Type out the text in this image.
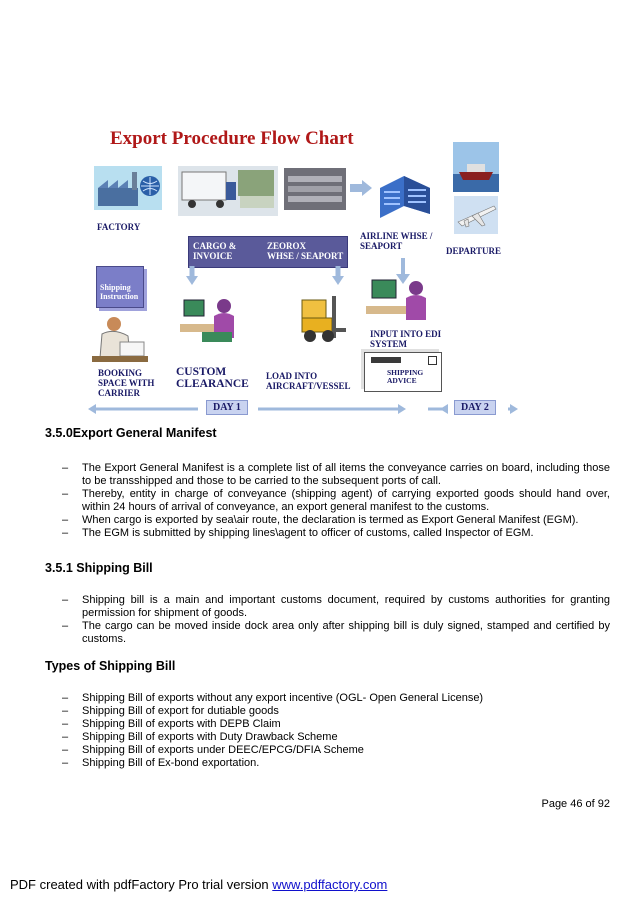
Export Procedure Flow Chart
FACTORY
AIRLINE WHSE /
SEAPORT	DEPARTURE
CARGO &
INVOICE
ZEOROX
WHSE / SEAPORT
Shipping
Instruction
INPUT INTO EDI
SYSTEM
BOOKING
SPACE WITH
CARRIER
CUSTOM
CLEARANCE
LOAD INTO
AIRCRAFT/VESSEL
SHIPPING
ADVICE
DAY 1	DAY 2
3.5.0Export General Manifest
– The Export General Manifest is a complete list of all items the conveyance carries on board, including those to be transshipped and those to be carried to the subsequent ports of call.
– Thereby, entity in charge of conveyance (shipping agent) of carrying exported goods should hand over, within 24 hours of arrival of conveyance, an export general manifest to the customs.
– When cargo is exported by sea\air route, the declaration is termed as Export General Manifest (EGM).
– The EGM is submitted by shipping lines\agent to officer of customs, called Inspector of EGM.
3.5.1 Shipping Bill
– Shipping bill is a main and important customs document, required by customs authorities for granting permission for shipment of goods.
– The cargo can be moved inside dock area only after shipping bill is duly signed, stamped and certified by customs.
Types of Shipping Bill
– Shipping Bill of exports without any export incentive (OGL- Open General License)
– Shipping Bill of export for dutiable goods
– Shipping Bill of exports with DEPB Claim
– Shipping Bill of exports with Duty Drawback Scheme
– Shipping Bill of exports under DEEC/EPCG/DFIA Scheme
– Shipping Bill of Ex-bond exportation.
Page 46 of 92
PDF created with pdfFactory Pro trial version www.pdffactory.com
